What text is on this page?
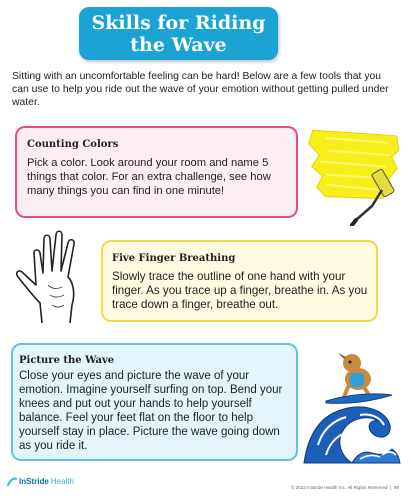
Skills for Riding the Wave
Sitting with an uncomfortable feeling can be hard! Below are a few tools that you can use to help you ride out the wave of your emotion without getting pulled under water.
Counting Colors
Pick a color. Look around your room and name 5 things that color. For an extra challenge, see how many things you can find in one minute!
Five Finger Breathing
Slowly trace the outline of one hand with your finger. As you trace up a finger, breathe in. As you trace down a finger, breathe out.
Picture the Wave
Close your eyes and picture the wave of your emotion. Imagine yourself surfing on top. Bend your knees and put out your hands to help yourself balance. Feel your feet flat on the floor to help yourself stay in place. Picture the wave going down as you ride it.
InStride Health
© 2023 InStride Health Inc. All Rights Reserved  |  99
